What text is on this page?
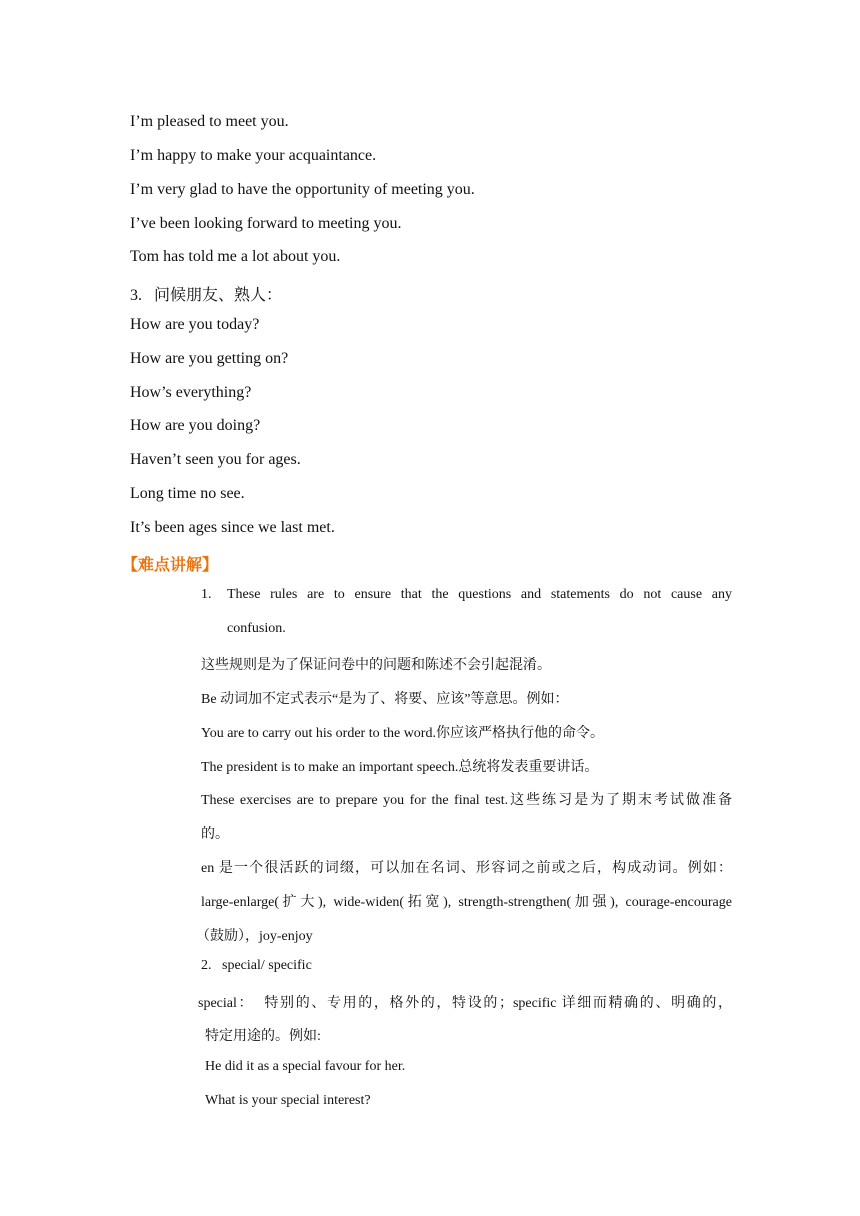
I’m pleased to meet you.
I’m happy to make your acquaintance.
I’m very glad to have the opportunity of meeting you.
I’ve been looking forward to meeting you.
Tom has told me a lot about you.
3.   问候朋友、熟人：
How are you today?
How are you getting on?
How’s everything?
How are you doing?
Haven’t seen you for ages.
Long time no see.
It’s been ages since we last met.
【难点讲解】
1. These rules are to ensure that the questions and statements do not cause any
confusion.
这些规则是为了保证问卷中的问题和陈述不会引起混淆。
Be 动词加不定式表示“是为了、将要、应该”等意思。例如：
You are to carry out his order to the word.你应该严格执行他的命令。
The president is to make an important speech.总统将发表重要讲话。
These exercises are to prepare you for the final test.这些练习是为了期末考试做准备
的。
en 是一个很活跃的词缀，可以加在名词、形容词之前或之后，构成动词。例如：
large-enlarge(扩大), wide-widen(拓宽), strength-strengthen(加强), courage-encourage
（鼓励），joy-enjoy
2.   special/ specific
special：  特别的、专用的，格外的，特设的；specific 详细而精确的、明确的，
特定用途的。例如:
He did it as a special favour for her.
What is your special interest?
